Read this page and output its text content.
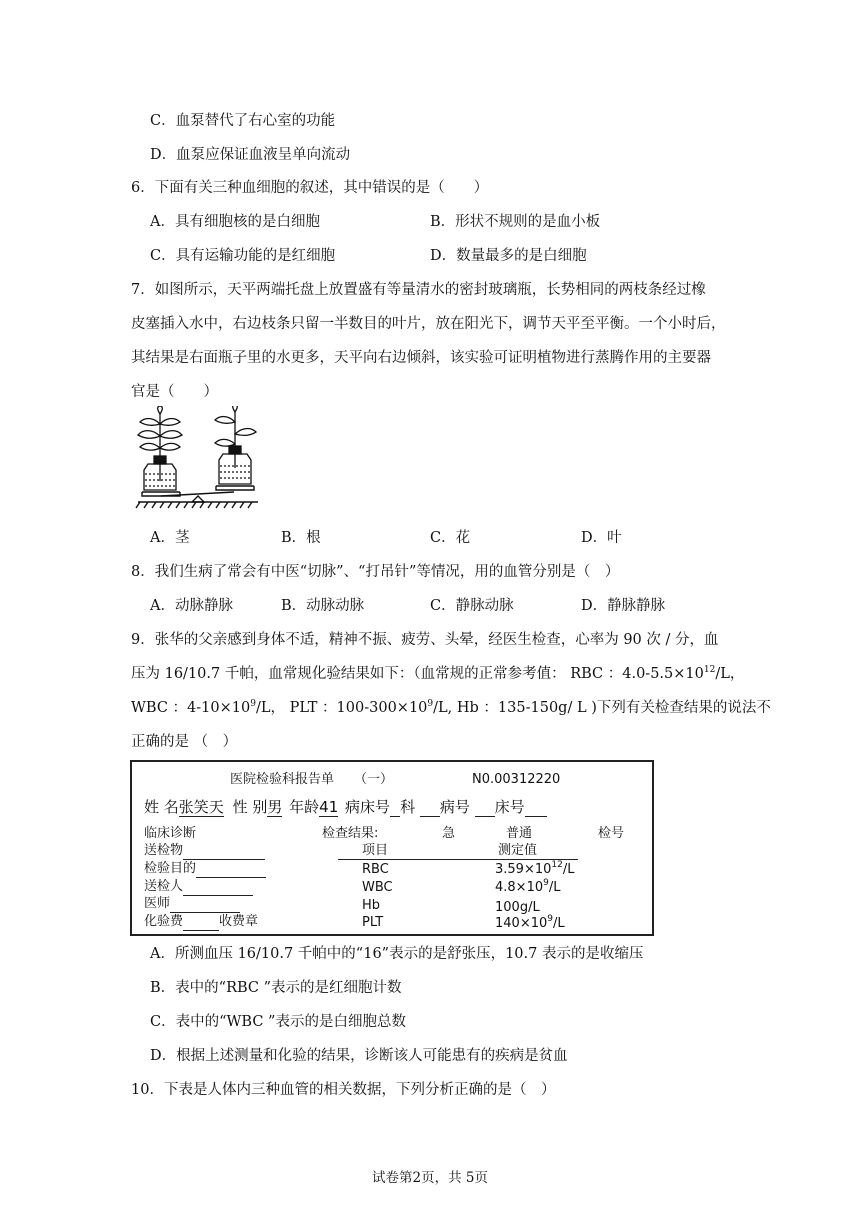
C．血泵替代了右心室的功能
D．血泵应保证血液呈单向流动
6．下面有关三种血细胞的叙述，其中错误的是（　　）
A．具有细胞核的是白细胞	B．形状不规则的是血小板
C．具有运输功能的是红细胞	D．数量最多的是白细胞
7．如图所示，天平两端托盘上放置盛有等量清水的密封玻璃瓶，长势相同的两枝条经过橡
皮塞插入水中，右边枝条只留一半数目的叶片，放在阳光下，调节天平至平衡。一个小时后，
其结果是右面瓶子里的水更多，天平向右边倾斜，该实验可证明植物进行蒸腾作用的主要器
官是（　　）
A．茎	B．根	C．花	D．叶
8．我们生病了常会有中医“切脉”、“打吊针”等情况，用的血管分别是（　）
A．动脉静脉	B．动脉动脉	C．静脉动脉	D．静脉静脉
9．张华的父亲感到身体不适，精神不振、疲劳、头晕，经医生检查，心率为 90 次 / 分，血
压为 16/10.7 千帕，血常规化验结果如下：（血常规的正常参考值： RBC ：$4.0-5.5\times 10^{12}/L$，
WBC ：$4-10\times 10^9/L$， PLT ：$100-300\times 10^9/L$, Hb ：135-150g/ L )下列有关检查结果的说法不
正确的是 （　）
医院检验科报告单 （一）	N0.00312220
姓 名张笑天 性 别男 年龄41 病床号 科 病号 床号
临床诊断	检查结果:	急	普通	检号
送检物	项目	测定值

检验目的
送检人
医师
化验费	收费章
RBC	$3.59\times 10^{12}/L$
WBC	$4.8\times 10^9/L$
Hb	100g/L
PLT	$140\times 10^9/L$
A．所测血压 16/10.7 千帕中的“16”表示的是舒张压，10.7 表示的是收缩压
B．表中的“RBC ”表示的是红细胞计数
C．表中的“WBC ”表示的是白细胞总数
D．根据上述测量和化验的结果，诊断该人可能患有的疾病是贫血
10．下表是人体内三种血管的相关数据，下列分析正确的是（　）
试卷第2页，共 5页
